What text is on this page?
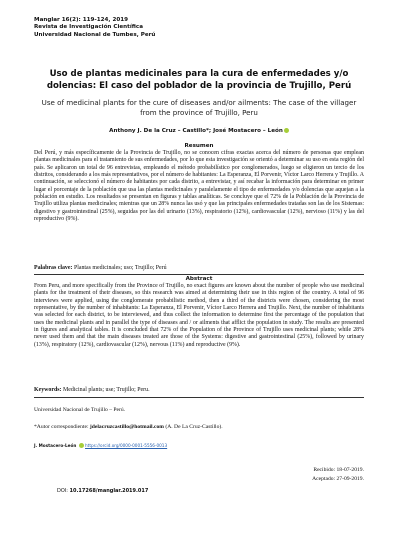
Manglar 16(2): 119-124, 2019
Revista de Investigación Científica
Universidad Nacional de Tumbes, Perú
Uso de plantas medicinales para la cura de enfermedades y/o dolencias: El caso del poblador de la provincia de Trujillo, Perú
Use of medicinal plants for the cure of diseases and/or ailments: The case of the villager from the province of Trujillo, Peru
Anthony J. De la Cruz – Castillo*; José Mostacero – León
Resumen
Del Perú, y más específicamente de la Provincia de Trujillo, no se conocen cifras exactas acerca del número de personas que emplean plantas medicinales para el tratamiento de sus enfermedades, por lo que esta investigación se orientó a determinar su uso en esta región del país. Se aplicaron un total de 96 entrevistas, empleando el método probabilístico por conglomerados, luego se eligieron un tercio de los distritos, considerando a los más representativos, por el número de habitantes: La Esperanza, El Porvenir, Víctor Larco Herrera y Trujillo. A continuación, se seleccionó el número de habitantes por cada distrito, a entrevistar, y así recabar la información para determinar en primer lugar el porcentaje de la población que usa las plantas medicinales y paralelamente el tipo de enfermedades y/o dolencias que aquejan a la población en estudio. Los resultados se presentan en figuras y tablas analíticas. Se concluye que el 72% de la Población de la Provincia de Trujillo utiliza plantas medicinales; mientras que un 28% nunca las usó y que las principales enfermedades tratadas son las de los Sistemas: digestivo y gastrointestinal (25%), seguidas por las del urinario (13%), respiratorio (12%), cardiovascular (12%), nervioso (11%) y las del reproductivo (9%).
Palabras clave: Plantas medicinales; uso; Trujillo; Perú
Abstract
From Peru, and more specifically from the Province of Trujillo, no exact figures are known about the number of people who use medicinal plants for the treatment of their diseases, so this research was aimed at determining their use in this region of the country. A total of 96 interviews were applied, using the conglomerate probabilistic method, then a third of the districts were chosen, considering the most representative, by the number of inhabitants: La Esperanza, El Porvenir, Víctor Larco Herrera and Trujillo. Next, the number of inhabitants was selected for each district, to be interviewed, and thus collect the information to determine first the percentage of the population that uses the medicinal plants and in parallel the type of diseases and / or ailments that afflict the population in study. The results are presented in figures and analytical tables. It is concluded that 72% of the Population of the Province of Trujillo uses medicinal plants; while 28% never used them and that the main diseases treated are those of the Systems: digestive and gastrointestinal (25%), followed by urinary (13%), respiratory (12%), cardiovascular (12%), nervous (11%) and reproductive (9%).
Keywords: Medicinal plants; use; Trujillo; Peru.
Universidad Nacional de Trujillo – Perú.
*Autor correspondiente: jdelacruzcastillo@hotmail.com (A. De La Cruz-Castillo).
J. Mostacero-León https://orcid.org/0000-0001-5556-0013
Recibido: 18-07-2019.
Aceptado: 27-09-2019.
DOI: 10.17268/manglar.2019.017
